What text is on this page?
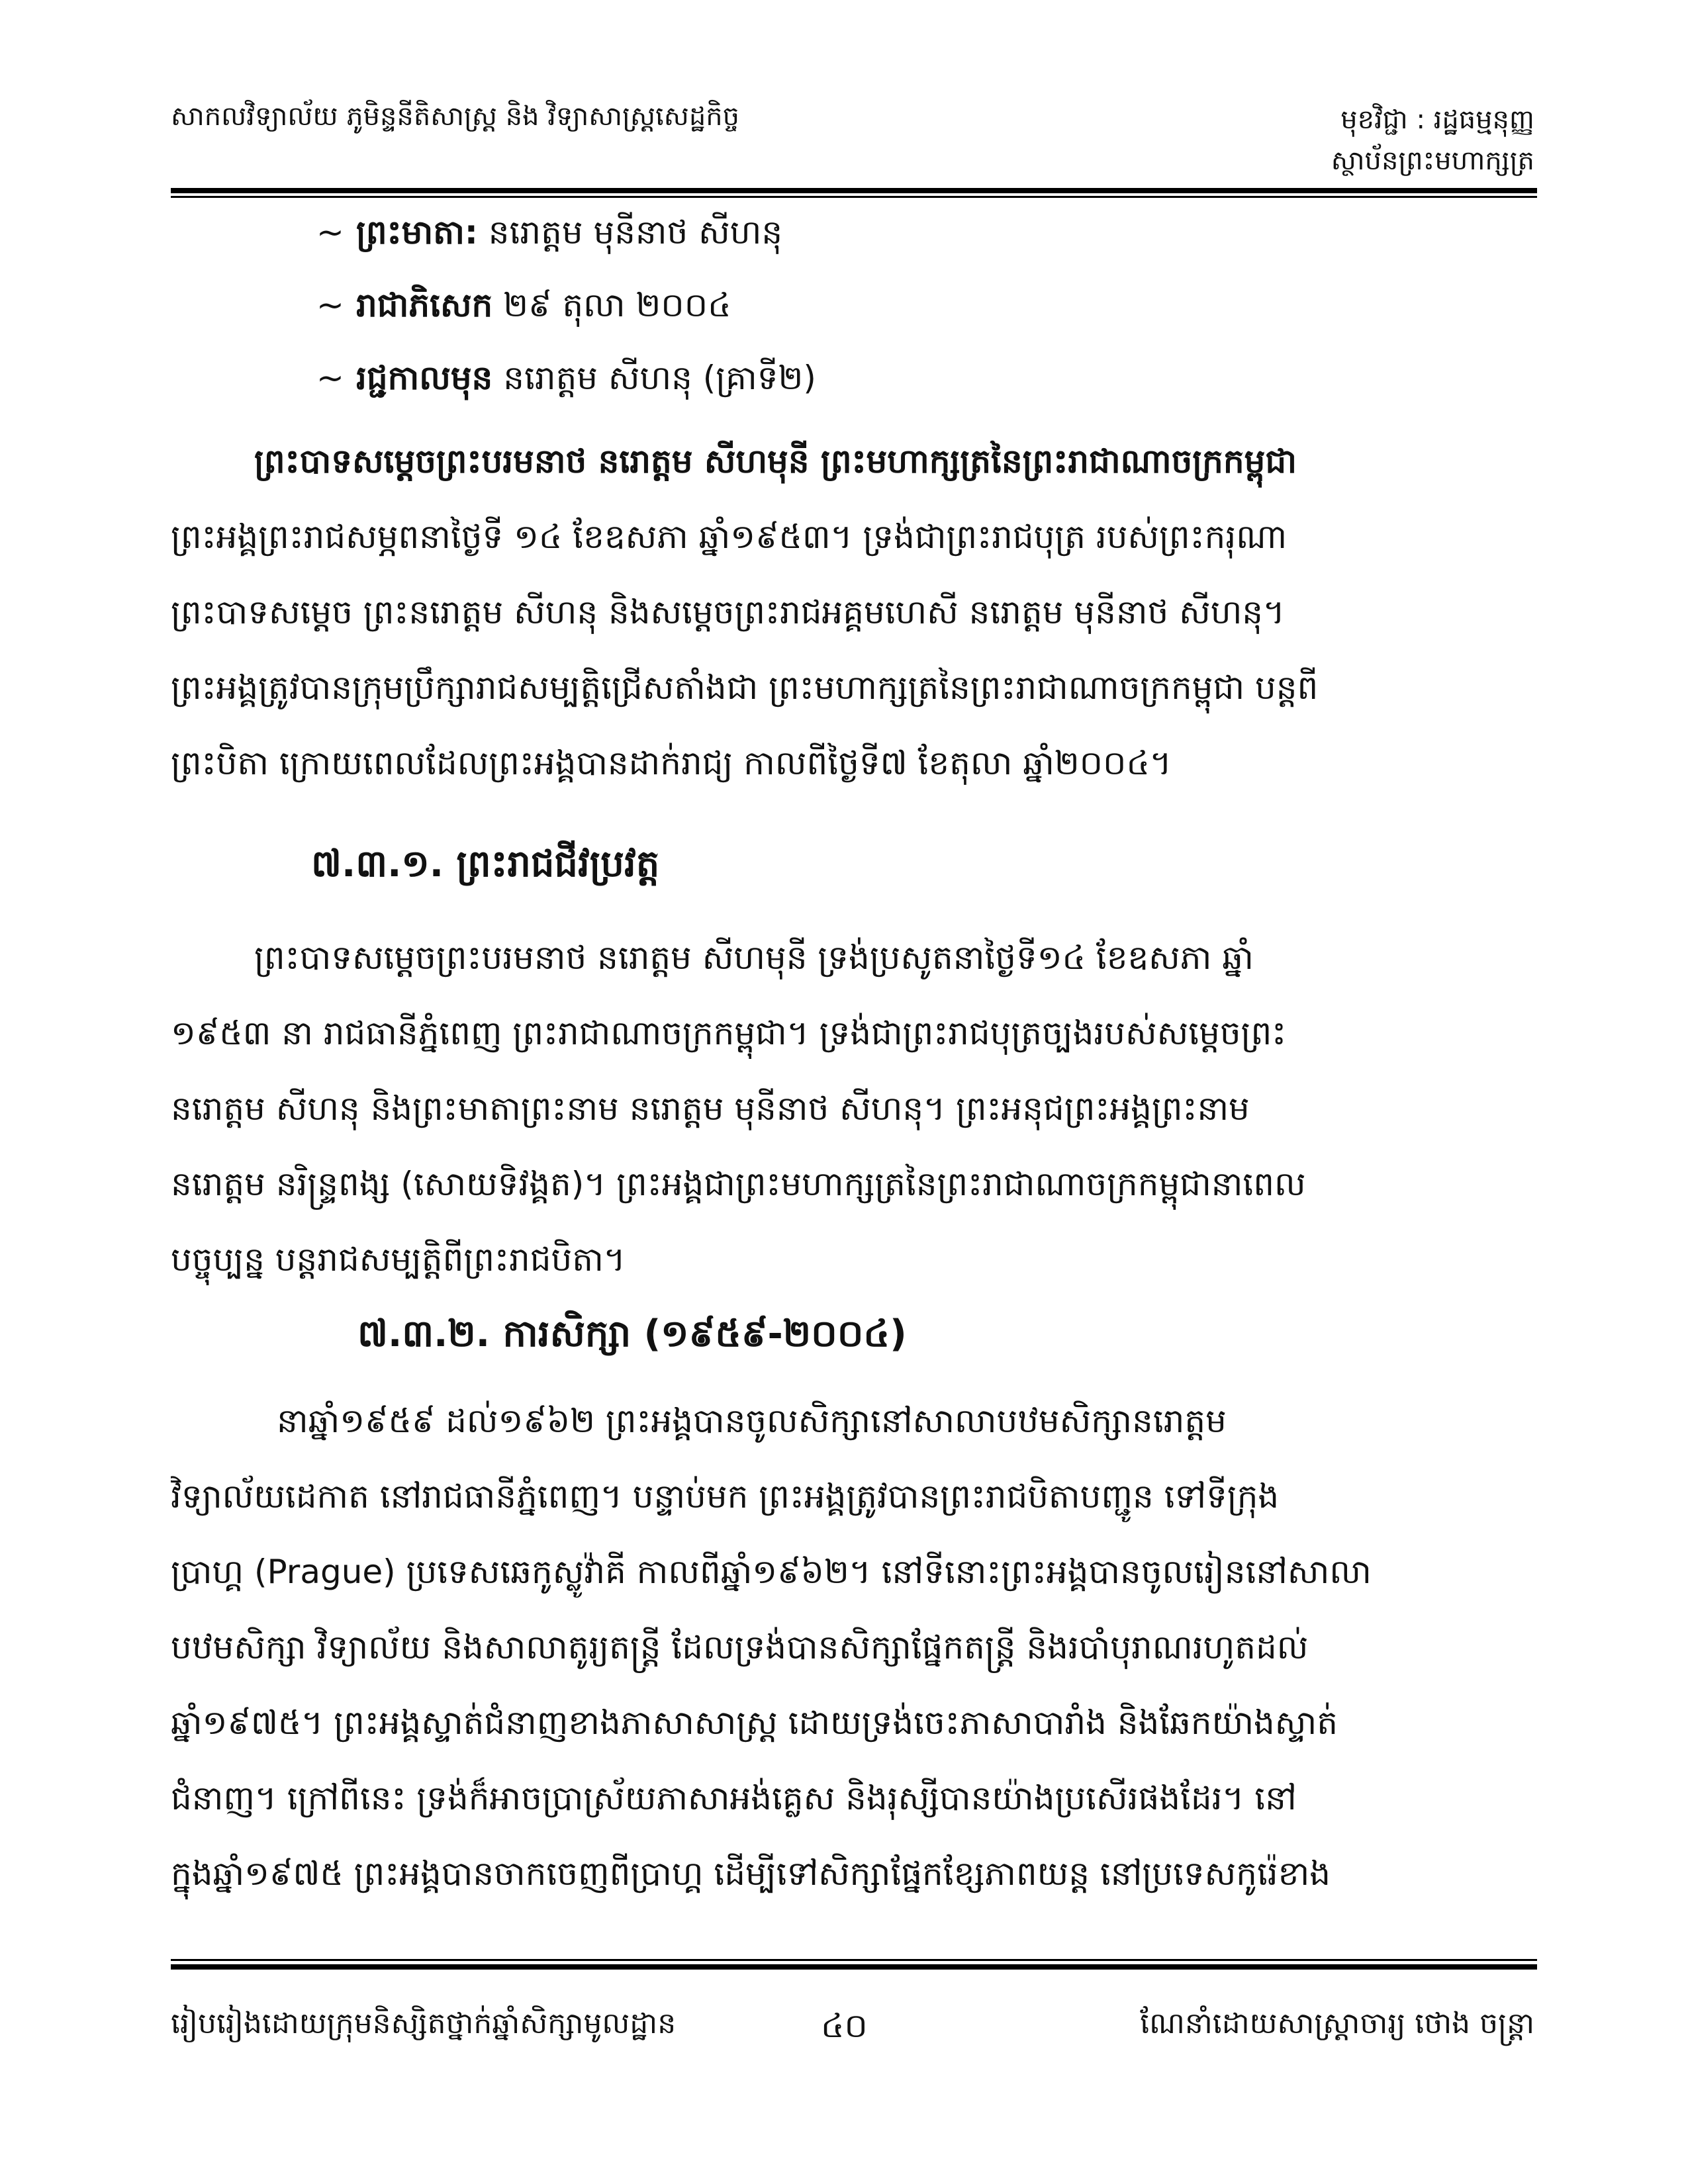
សាកលវិទ្យាល័យ ភូមិន្ទនីតិសាស្ត្រ និង វិទ្យាសាស្ត្រសេដ្ឋកិច្ច	មុខវិជ្ជា : រដ្ឋធម្មនុញ្ញ
ស្ថាប័នព្រះមហាក្សត្រ
~ ព្រះមាតា: នរោត្តម មុនីនាថ សីហនុ
~ រាជាភិសេក ២៩ តុលា ២០០៤
~ រជ្ជកាលមុន នរោត្តម សីហនុ (គ្រាទី២)
ព្រះបាទសម្តេចព្រះបរមនាថ នរោត្តម សីហមុនី ព្រះមហាក្សត្រនៃព្រះរាជាណាចក្រកម្ពុជា
ព្រះអង្គព្រះរាជសម្ភពនាថ្ងៃទី ១៤ ខែឧសភា ឆ្នាំ១៩៥៣។ ទ្រង់ជាព្រះរាជបុត្រ របស់ព្រះករុណា
ព្រះបាទសម្តេច ព្រះនរោត្តម សីហនុ និងសម្តេចព្រះរាជអគ្គមហេសី នរោត្តម មុនីនាថ សីហនុ។
ព្រះអង្គត្រូវបានក្រុមប្រឹក្សារាជសម្បត្តិជ្រើសតាំងជា ព្រះមហាក្សត្រនៃព្រះរាជាណាចក្រកម្ពុជា បន្តពី
ព្រះបិតា ក្រោយពេលដែលព្រះអង្គបានដាក់រាជ្យ កាលពីថ្ងៃទី៧ ខែតុលា ឆ្នាំ២០០៤។
៧.៣.១. ព្រះរាជជីវប្រវត្ត
ព្រះបាទសម្តេចព្រះបរមនាថ នរោត្តម សីហមុនី ទ្រង់ប្រសូតនាថ្ងៃទី១៤ ខែឧសភា ឆ្នាំ
១៩៥៣ នា រាជធានីភ្នំពេញ ព្រះរាជាណាចក្រកម្ពុជា។ ទ្រង់ជាព្រះរាជបុត្រច្បងរបស់សម្តេចព្រះ
នរោត្តម សីហនុ និងព្រះមាតាព្រះនាម នរោត្តម មុនីនាថ សីហនុ។ ព្រះអនុជព្រះអង្គព្រះនាម
នរោត្តម នរិន្ទ្រពង្ស (សោយទិវង្គត)។ ព្រះអង្គជាព្រះមហាក្សត្រនៃព្រះរាជាណាចក្រកម្ពុជានាពេល
បច្ចុប្បន្ន បន្តរាជសម្បត្តិពីព្រះរាជបិតា។
៧.៣.២. ការសិក្សា (១៩៥៩-២០០៤)
នាឆ្នាំ១៩៥៩ ដល់១៩៦២ ព្រះអង្គបានចូលសិក្សានៅសាលាបឋមសិក្សានរោត្តម
វិទ្យាល័យដេកាត នៅរាជធានីភ្នំពេញ។ បន្ទាប់មក ព្រះអង្គត្រូវបានព្រះរាជបិតាបញ្ជូន ទៅទីក្រុង
ប្រាហ្គ (Prague) ប្រទេសឆេកូស្លូវ៉ាគី កាលពីឆ្នាំ១៩៦២។ នៅទីនោះព្រះអង្គបានចូលរៀននៅសាលា
បឋមសិក្សា វិទ្យាល័យ និងសាលាតូរ្យតន្ត្រី ដែលទ្រង់បានសិក្សាផ្នែកតន្ត្រី និងរបាំបុរាណរហូតដល់
ឆ្នាំ១៩៧៥។ ព្រះអង្គស្ទាត់ជំនាញខាងភាសាសាស្ត្រ ដោយទ្រង់ចេះភាសាបារាំង និងឆែកយ៉ាងស្ទាត់
ជំនាញ។ ក្រៅពីនេះ ទ្រង់ក៏អាចប្រាស្រ័យភាសាអង់គ្លេស និងរុស្សីបានយ៉ាងប្រសើរផងដែរ។ នៅ
ក្នុងឆ្នាំ១៩៧៥ ព្រះអង្គបានចាកចេញពីប្រាហ្គ ដើម្បីទៅសិក្សាផ្នែកខ្សែភាពយន្ត នៅប្រទេសកូរ៉េខាង
រៀបរៀងដោយក្រុមនិស្សិតថ្នាក់ឆ្នាំសិក្សាមូលដ្ឋាន	៤០	ណែនាំដោយសាស្ត្រាចារ្យ ថោង ចន្ត្រា
